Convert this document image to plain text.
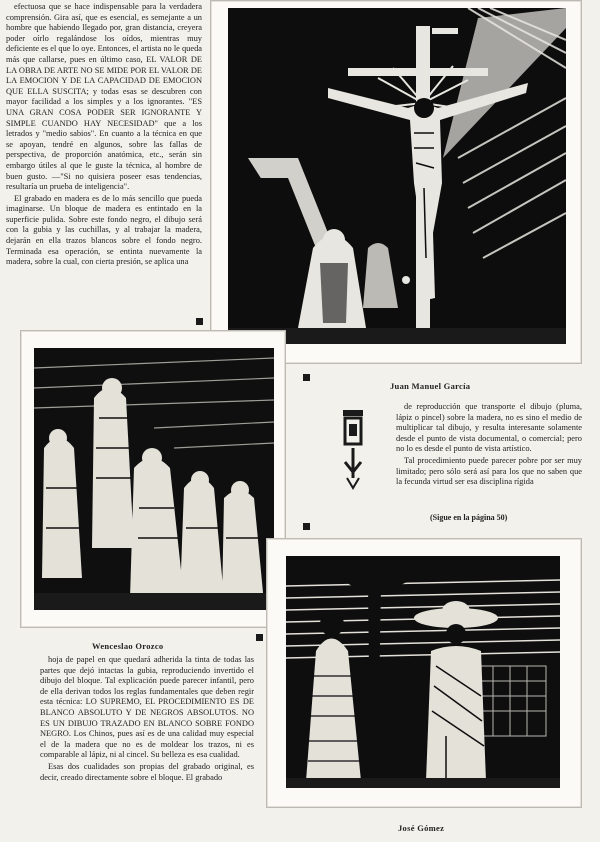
efectuosa que se hace indispensable para la verdadera comprensión. Gira así, que es esencial, es semejante a un hombre que habiendo llegado por, gran distancia, creyera poder oírlo regalándose los oídos, mientras muy deficiente es el que lo oye. Entonces, el artista no le queda más que callarse, pues en último caso, EL VALOR DE LA OBRA DE ARTE NO SE MIDE POR EL VALOR DE LA EMOCION Y DE LA CAPACIDAD DE EMOCION QUE ELLA SUSCITA; y todas esas se descubren con mayor facilidad a los simples y a los ignorantes. "ES UNA GRAN COSA PODER SER IGNORANTE Y SIMPLE CUANDO HAY NECESIDAD" que a los letrados y "medio sabios". En cuanto a la técnica en que se apoyan, tendré en algunos, sobre las fallas de perspectiva, de proporción anatómica, etc., serán sin embargo útiles al que le guste la técnica, al hombre de buen gusto. —"Si no quisiera poseer esas tendencias, resultaría un prueba de inteligencia".

El grabado en madera es de lo más sencillo que pueda imaginarse. Un bloque de madera es entintado en la superficie pulida. Sobre este fondo negro, el dibujo será con la gubia y las cuchillas, y al trabajar la madera, dejarán en ella trazos blancos sobre el fondo negro. Terminada esa operación, se entinta nuevamente la madera, sobre la cual, con cierta presión, se aplica una

Juan Manuel García
Wenceslao Orozco

de reproducción que transporte el dibujo (pluma, lápiz o pincel) sobre la madera, no es sino el medio de multiplicar tal dibujo, y resulta interesante solamente desde el punto de vista documental, o comercial; pero no lo es desde el punto de vista artístico.

Tal procedimiento puede parecer pobre por ser muy limitado; pero sólo será así para los que no saben que la fecunda virtud ser esa disciplina rígida

(Sigue en la página 50)
José Gómez

hoja de papel en que quedará adherida la tinta de todas las partes que dejó intactas la gubia, reproduciendo invertido el dibujo del bloque. Tal explicación puede parecer infantil, pero de ella derivan todos los reglas fundamentales que deben regir esta técnica: LO SUPREMO, EL PROCEDIMIENTO ES DE BLANCO ABSOLUTO Y DE NEGROS ABSOLUTOS. NO ES UN DIBUJO TRAZADO EN BLANCO SOBRE FONDO NEGRO. Los Chinos, pues así es de una calidad muy especial el de la madera que no es de moldear los trazos, ni es comparable al lápiz, ni al cincel. Su belleza es esa cualidad.

Esas dos cualidades son propias del grabado original, es decir, creado directamente sobre el bloque. El grabado
